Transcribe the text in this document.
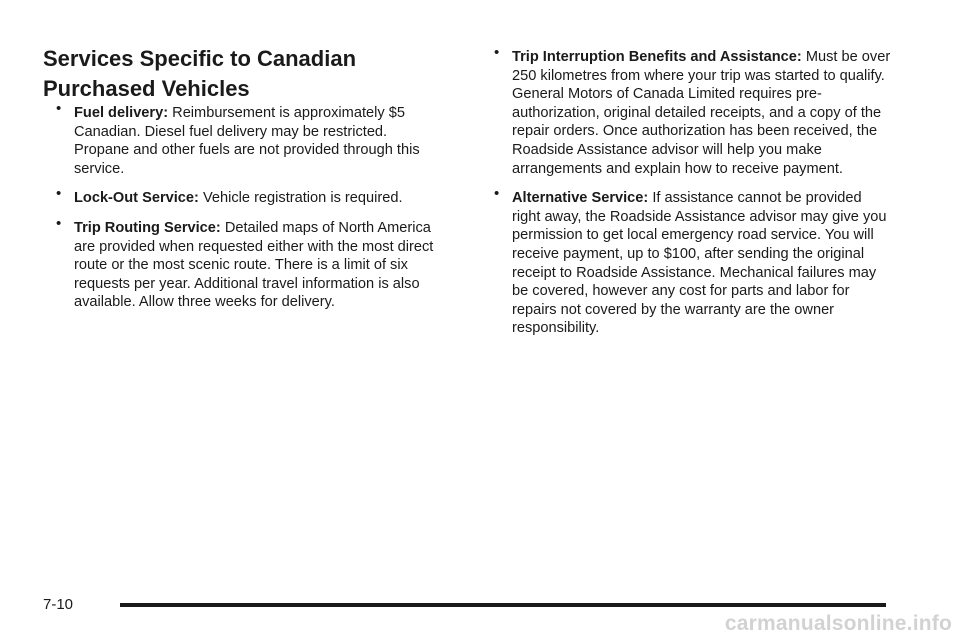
Services Specific to Canadian Purchased Vehicles

• Fuel delivery: Reimbursement is approximately $5 Canadian. Diesel fuel delivery may be restricted. Propane and other fuels are not provided through this service.

• Lock-Out Service: Vehicle registration is required.

• Trip Routing Service: Detailed maps of North America are provided when requested either with the most direct route or the most scenic route. There is a limit of six requests per year. Additional travel information is also available. Allow three weeks for delivery.

• Trip Interruption Benefits and Assistance: Must be over 250 kilometres from where your trip was started to qualify. General Motors of Canada Limited requires pre-authorization, original detailed receipts, and a copy of the repair orders. Once authorization has been received, the Roadside Assistance advisor will help you make arrangements and explain how to receive payment.

• Alternative Service: If assistance cannot be provided right away, the Roadside Assistance advisor may give you permission to get local emergency road service. You will receive payment, up to $100, after sending the original receipt to Roadside Assistance. Mechanical failures may be covered, however any cost for parts and labor for repairs not covered by the warranty are the owner responsibility.

7-10
carmanualsonline.info
